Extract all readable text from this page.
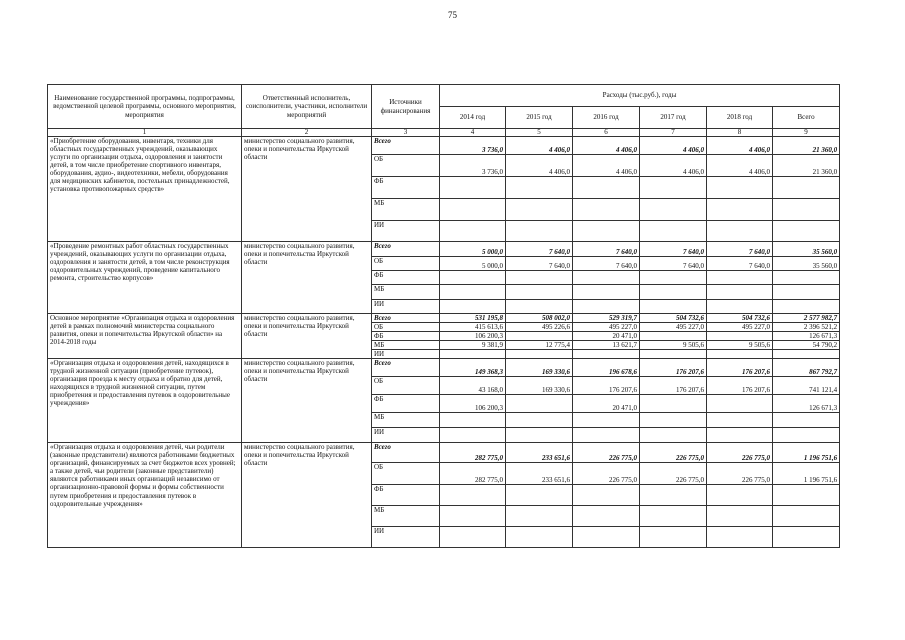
75
Наименование государственной программы, подпрограммы, ведомственной целевой программы, основного мероприятия, мероприятия	Ответственный исполнитель, соисполнители, участники, исполнители мероприятий	Источники финансирования	Расходы (тыс.руб.), годы					
			2014 год	2015 год	2016 год	2017 год	2018 год	Всего
1	2	3	4	5	6	7	8	9
«Приобретение оборудования, инвентаря, техники для областных государственных учреждений, оказывающих услуги по организации отдыха, оздоровления и занятости детей, в том числе приобретение спортивного инвентаря, оборудования, аудио-, видеотехники, мебели, оборудования для медицинских кабинетов, постельных принадлежностей, установка противопожарных средств»	министерство социального развития, опеки и попечительства Иркутской области	Всего	3 736,0	4 406,0	4 406,0	4 406,0	4 406,0	21 360,0
		ОБ	3 736,0	4 406,0	4 406,0	4 406,0	4 406,0	21 360,0
		ФБ						
		МБ						
		ИИ						
«Проведение ремонтных работ областных государственных учреждений, оказывающих услуги по организации отдыха, оздоровления и занятости детей, в том числе реконструкция оздоровительных учреждений, проведение капитального ремонта, строительство корпусов»	министерство социального развития, опеки и попечительства Иркутской области	Всего	5 000,0	7 640,0	7 640,0	7 640,0	7 640,0	35 560,0
		ОБ	5 000,0	7 640,0	7 640,0	7 640,0	7 640,0	35 560,0
		ФБ						
		МБ						
		ИИ						
Основное мероприятие «Организация отдыха и оздоровления детей в рамках полномочий министерства социального развития, опеки и попечительства Иркутской области» на 2014-2018 годы	министерство социального развития, опеки и попечительства Иркутской области	Всего	531 195,8	508 002,0	529 319,7	504 732,6	504 732,6	2 577 982,7
		ОБ	415 613,6	495 226,6	495 227,0	495 227,0	495 227,0	2 396 521,2
		ФБ	106 200,3		20 471,0			126 671,3
		МБ	9 381,9	12 775,4	13 621,7	9 505,6	9 505,6	54 790,2
		ИИ						
«Организация отдыха и оздоровления детей, находящихся в трудной жизненной ситуации (приобретение путевок), организация проезда к месту отдыха и обратно для детей, находящихся в трудной жизненной ситуации, путем приобретения и предоставления путевок в оздоровительные учреждения»	министерство социального развития, опеки и попечительства Иркутской области	Всего	149 368,3	169 330,6	196 678,6	176 207,6	176 207,6	867 792,7
		ОБ	43 168,0	169 330,6	176 207,6	176 207,6	176 207,6	741 121,4
		ФБ	106 200,3		20 471,0			126 671,3
		МБ						
		ИИ						
«Организация отдыха и оздоровления детей, чьи родители (законные представители) являются работниками бюджетных организаций, финансируемых за счет бюджетов всех уровней; а также детей, чьи родители (законные представители) являются работниками иных организаций независимо от организационно-правовой формы и формы собственности путем приобретения и предоставления путевок в оздоровительные учреждения»	министерство социального развития, опеки и попечительства Иркутской области	Всего	282 775,0	233 651,6	226 775,0	226 775,0	226 775,0	1 196 751,6
		ОБ	282 775,0	233 651,6	226 775,0	226 775,0	226 775,0	1 196 751,6
		ФБ						
		МБ						
		ИИ						
